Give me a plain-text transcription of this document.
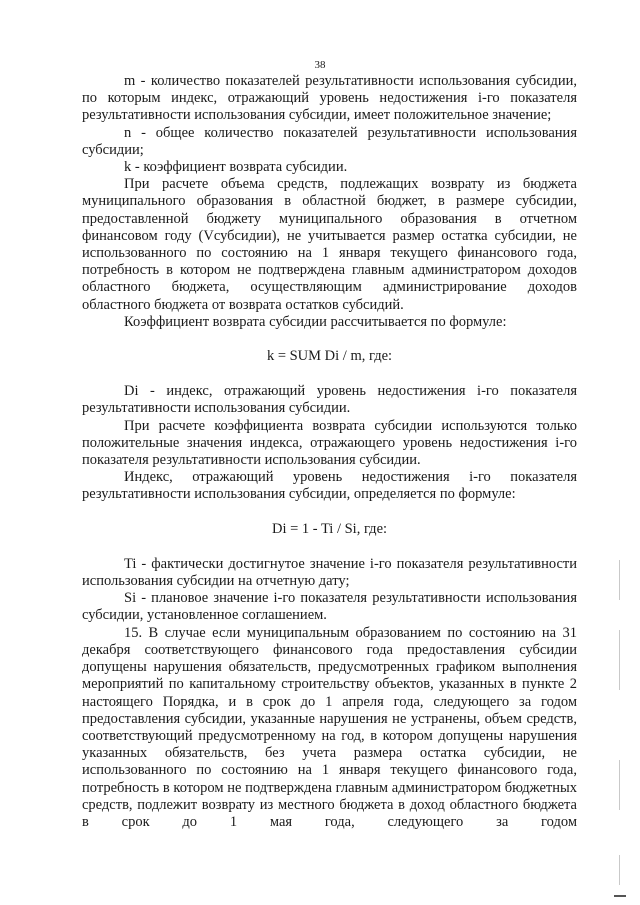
38

m - количество показателей результативности использования субсидии, по которым индекс, отражающий уровень недостижения i-го показателя результативности использования субсидии, имеет положительное значение;

n - общее количество показателей результативности использования субсидии;

k - коэффициент возврата субсидии.

При расчете объема средств, подлежащих возврату из бюджета муниципального образования в областной бюджет, в размере субсидии, предоставленной бюджету муниципального образования в отчетном финансовом году (Vсубсидии), не учитывается размер остатка субсидии, не использованного по состоянию на 1 января текущего финансового года, потребность в котором не подтверждена главным администратором доходов областного бюджета, осуществляющим администрирование доходов областного бюджета от возврата остатков субсидий.

Коэффициент возврата субсидии рассчитывается по формуле:

k = SUM Di / m, где:

Di - индекс, отражающий уровень недостижения i-го показателя результативности использования субсидии.

При расчете коэффициента возврата субсидии используются только положительные значения индекса, отражающего уровень недостижения i-го показателя результативности использования субсидии.

Индекс, отражающий уровень недостижения i-го показателя результативности использования субсидии, определяется по формуле:

Di = 1 - Ti / Si, где:

Ti - фактически достигнутое значение i-го показателя результативности использования субсидии на отчетную дату;

Si - плановое значение i-го показателя результативности использования субсидии, установленное соглашением.

15. В случае если муниципальным образованием по состоянию на 31 декабря соответствующего финансового года предоставления субсидии допущены нарушения обязательств, предусмотренных графиком выполнения мероприятий по капитальному строительству объектов, указанных в пункте 2 настоящего Порядка, и в срок до 1 апреля года, следующего за годом предоставления субсидии, указанные нарушения не устранены, объем средств, соответствующий предусмотренному на год, в котором допущены нарушения указанных обязательств, без учета размера остатка субсидии, не использованного по состоянию на 1 января текущего финансового года, потребность в котором не подтверждена главным администратором бюджетных средств, подлежит возврату из местного бюджета в доход областного бюджета в срок до 1 мая года, следующего за годом
